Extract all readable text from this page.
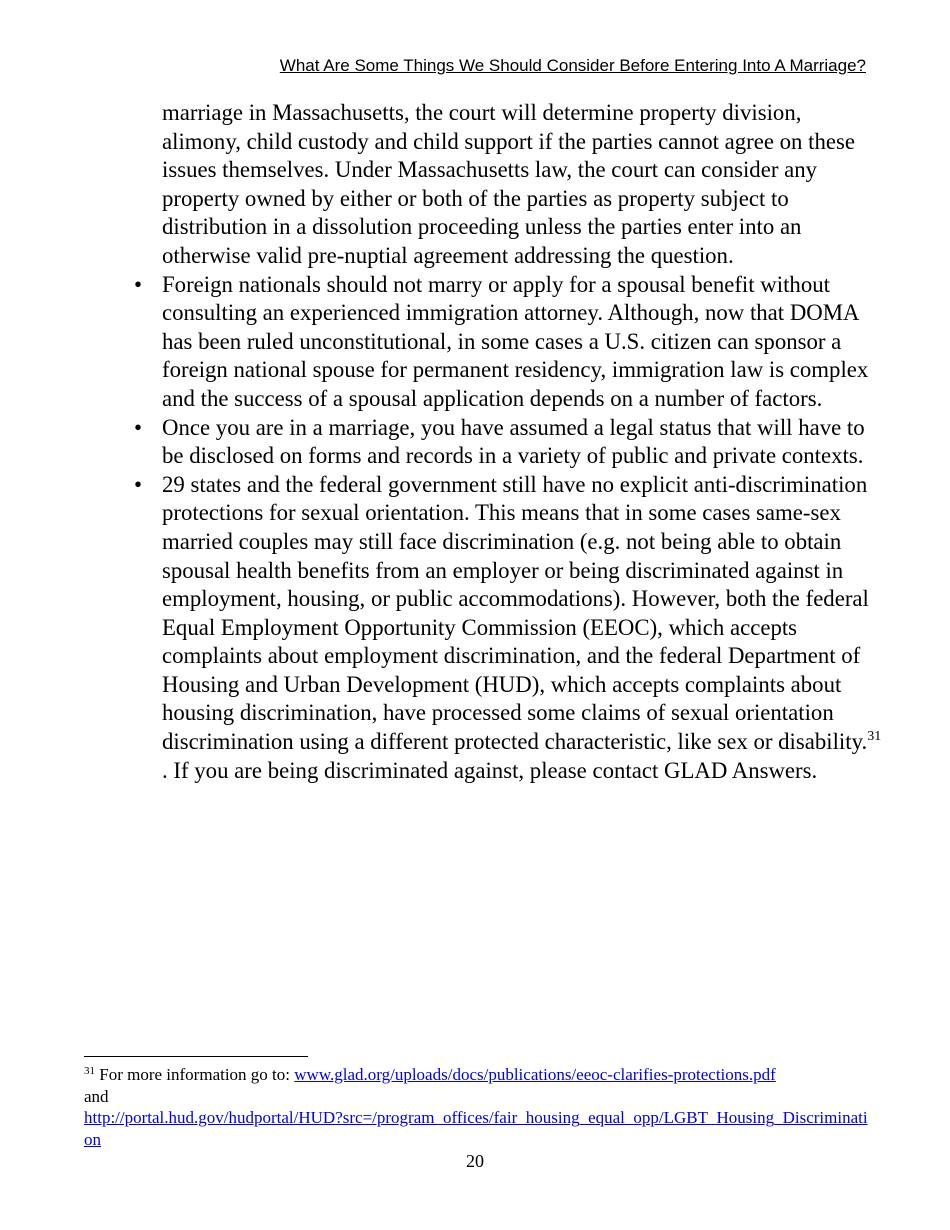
What Are Some Things We Should Consider Before Entering Into A Marriage?

marriage in Massachusetts, the court will determine property division, alimony, child custody and child support if the parties cannot agree on these issues themselves. Under Massachusetts law, the court can consider any property owned by either or both of the parties as property subject to distribution in a dissolution proceeding unless the parties enter into an otherwise valid pre-nuptial agreement addressing the question.

• Foreign nationals should not marry or apply for a spousal benefit without consulting an experienced immigration attorney. Although, now that DOMA has been ruled unconstitutional, in some cases a U.S. citizen can sponsor a foreign national spouse for permanent residency, immigration law is complex and the success of a spousal application depends on a number of factors.
• Once you are in a marriage, you have assumed a legal status that will have to be disclosed on forms and records in a variety of public and private contexts.
• 29 states and the federal government still have no explicit anti-discrimination protections for sexual orientation. This means that in some cases same-sex married couples may still face discrimination (e.g. not being able to obtain spousal health benefits from an employer or being discriminated against in employment, housing, or public accommodations). However, both the federal Equal Employment Opportunity Commission (EEOC), which accepts complaints about employment discrimination, and the federal Department of Housing and Urban Development (HUD), which accepts complaints about housing discrimination, have processed some claims of sexual orientation discrimination using a different protected characteristic, like sex or disability.$^{31}$ . If you are being discriminated against, please contact GLAD Answers.
$^{31}$ For more information go to: www.glad.org/uploads/docs/publications/eeoc-clarifies-protections.pdf
and
http://portal.hud.gov/hudportal/HUD?src=/program_offices/fair_housing_equal_opp/LGBT_Housing_Discrimination
20
